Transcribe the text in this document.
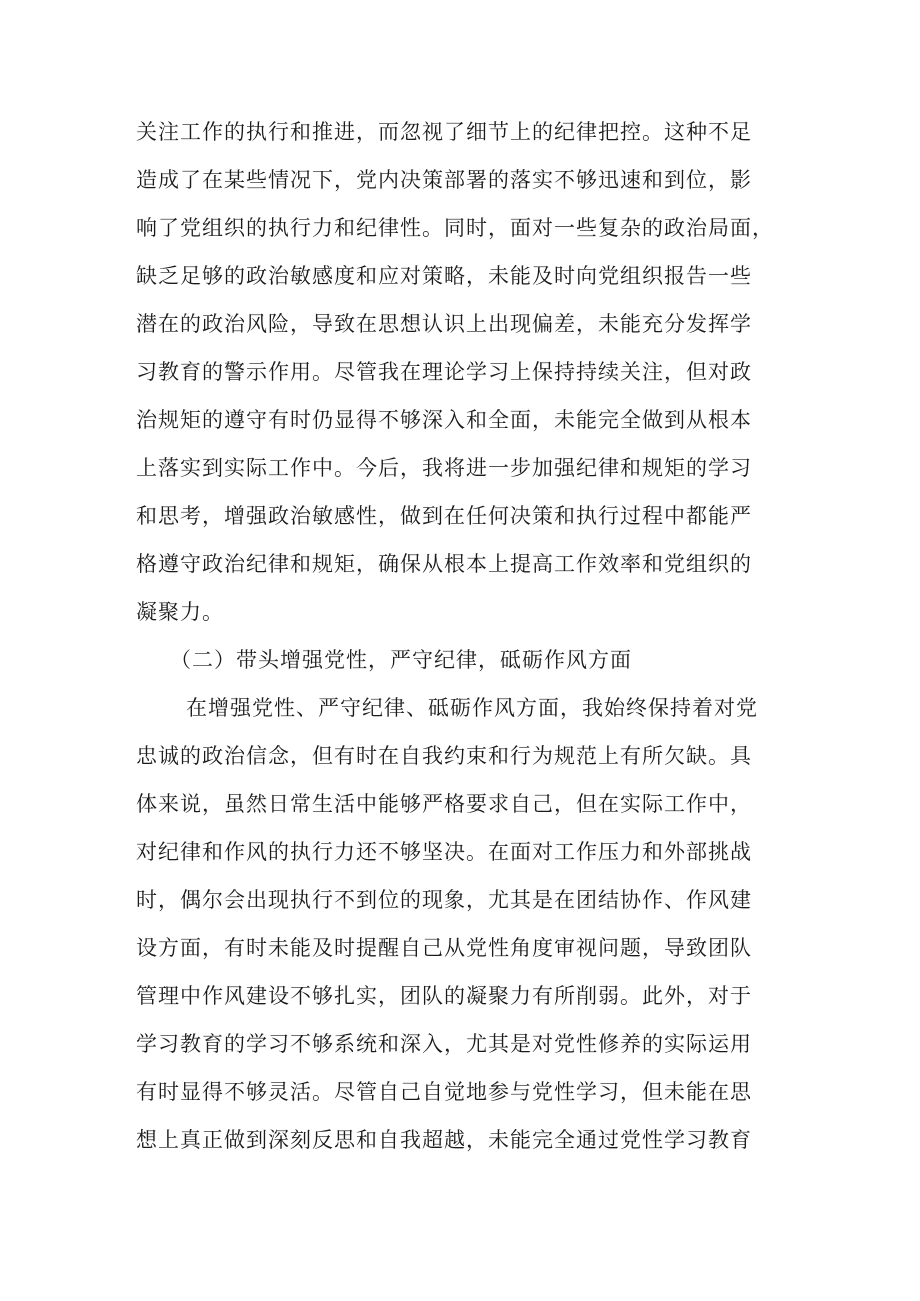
关注工作的执行和推进，而忽视了细节上的纪律把控。这种不足
造成了在某些情况下，党内决策部署的落实不够迅速和到位，影
响了党组织的执行力和纪律性。同时，面对一些复杂的政治局面，
缺乏足够的政治敏感度和应对策略，未能及时向党组织报告一些
潜在的政治风险，导致在思想认识上出现偏差，未能充分发挥学
习教育的警示作用。尽管我在理论学习上保持持续关注，但对政
治规矩的遵守有时仍显得不够深入和全面，未能完全做到从根本
上落实到实际工作中。今后，我将进一步加强纪律和规矩的学习
和思考，增强政治敏感性，做到在任何决策和执行过程中都能严
格遵守政治纪律和规矩，确保从根本上提高工作效率和党组织的
凝聚力。
（二）带头增强党性，严守纪律，砥砺作风方面
在增强党性、严守纪律、砥砺作风方面，我始终保持着对党
忠诚的政治信念，但有时在自我约束和行为规范上有所欠缺。具
体来说，虽然日常生活中能够严格要求自己，但在实际工作中，
对纪律和作风的执行力还不够坚决。在面对工作压力和外部挑战
时，偶尔会出现执行不到位的现象，尤其是在团结协作、作风建
设方面，有时未能及时提醒自己从党性角度审视问题，导致团队
管理中作风建设不够扎实，团队的凝聚力有所削弱。此外，对于
学习教育的学习不够系统和深入，尤其是对党性修养的实际运用
有时显得不够灵活。尽管自己自觉地参与党性学习，但未能在思
想上真正做到深刻反思和自我超越，未能完全通过党性学习教育
